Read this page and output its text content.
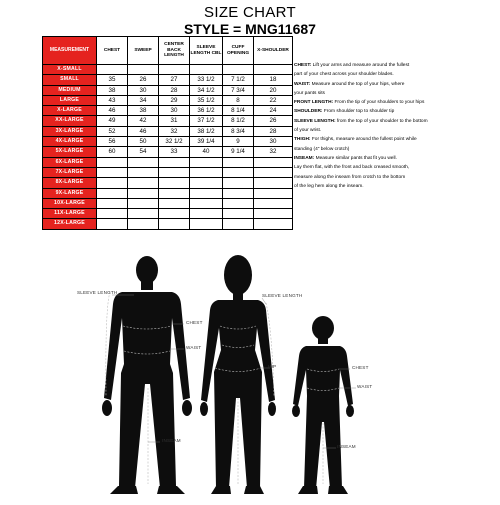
SIZE CHART
STYLE = MNG11687
MEASUREMENT	CHEST	SWEEP	CENTER BACK LENGTH	SLEEVE LENGTH CBL	CUFF OPENING	X-SHOULDER
X-SMALL						
SMALL	35	26	27	33 1/2	7 1/2	18
MEDIUM	38	30	28	34 1/2	7 3/4	20
LARGE	43	34	29	35 1/2	8	22
X-LARGE	46	38	30	36 1/2	8 1/4	24
XX-LARGE	49	42	31	37 1/2	8 1/2	26
3X-LARGE	52	46	32	38 1/2	8 3/4	28
4X-LARGE	56	50	32 1/2	39 1/4	9	30
5X-LARGE	60	54	33	40	9 1/4	32
6X-LARGE						
7X-LARGE						
8X-LARGE						
9X-LARGE						
10X-LARGE						
11X-LARGE						
12X-LARGE						
CHEST: Lift your arms and measure around the fullest
part of your chest across your shoulder blades.
WAIST: Measure around the top of your hips, where
your pants sits
FRONT LENGTH: From the tip of your shoulders to your hips
SHOULDER: From shoulder top to shoulder tip
SLEEVE LENGTH: from the top of your shoulder to the bottom
of your wrist.
THIGH: For thighs, measure around the fullest point while
standing (4" below crotch)
INSEAM: Measure similar pants that fit you well.
Lay them flat, with the front and back creased smooth,
measure along the inseam from crotch to the bottom
of the leg hem along the inseam.
SLEEVE LENGTH
CHEST
WAIST
INSEAM
SLEEVE LENGTH
HIP	CHEST
WAIST
INSEAM
